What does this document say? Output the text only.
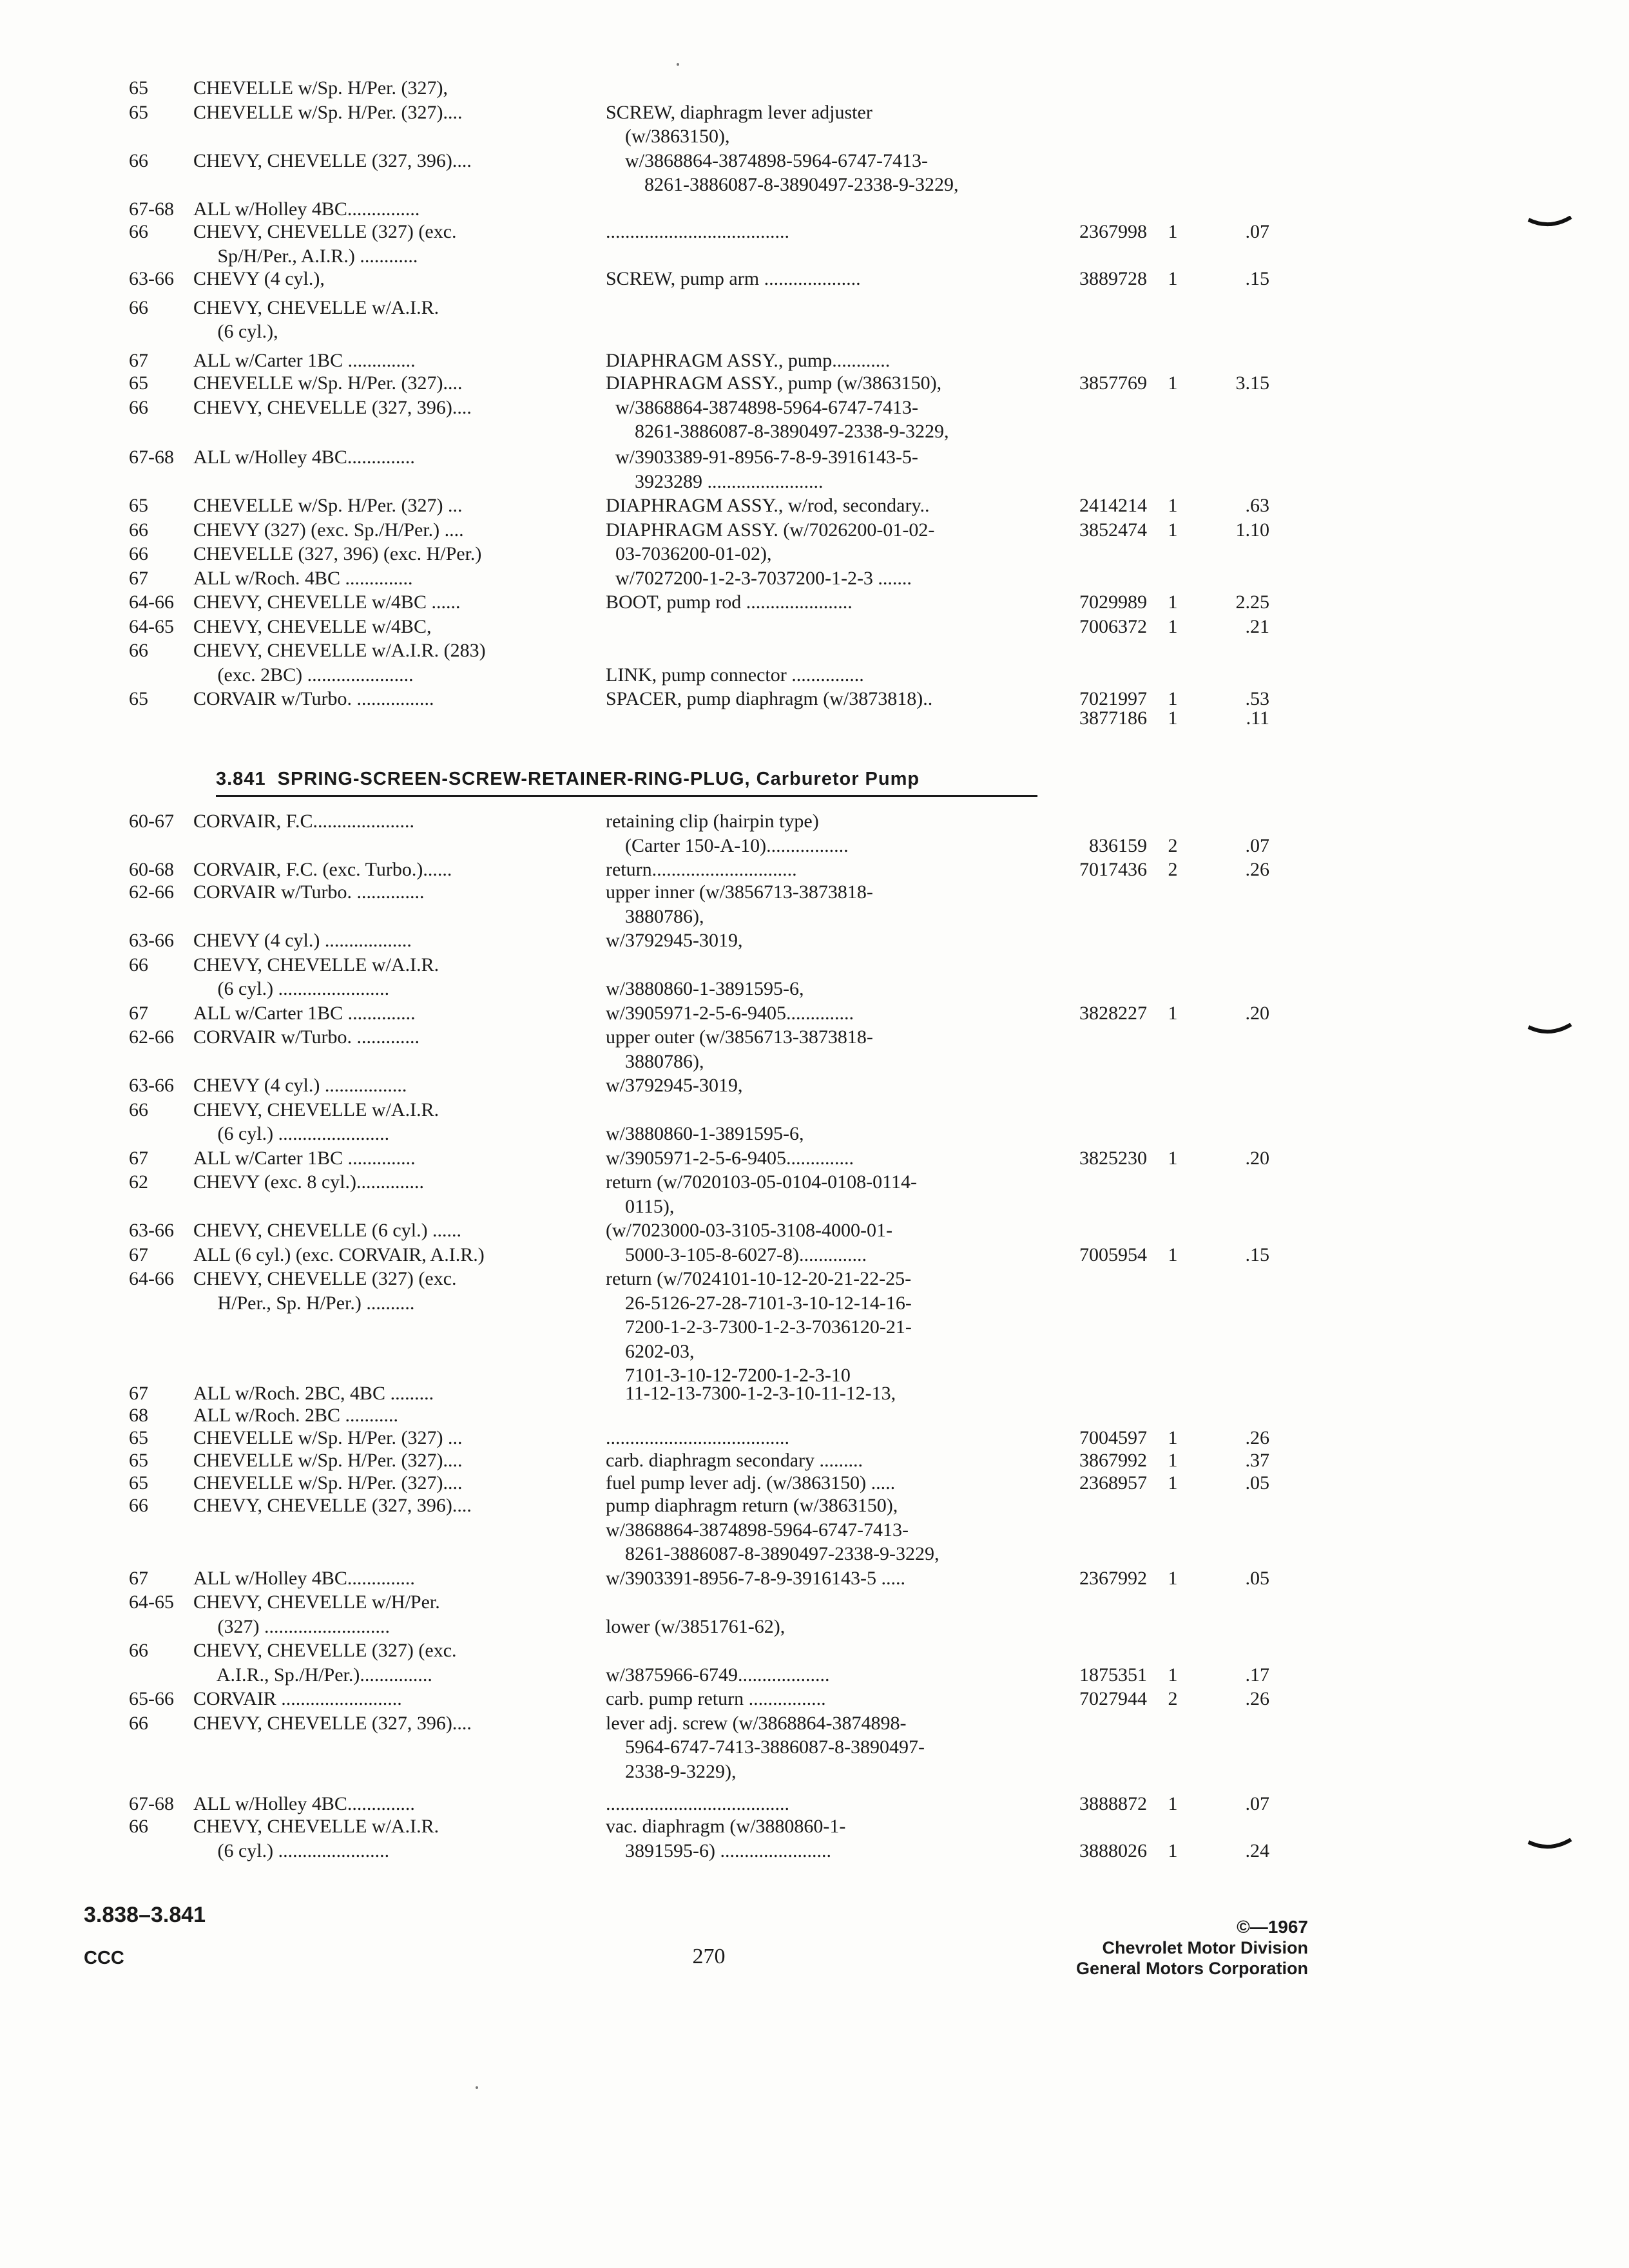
65 CHEVELLE w/Sp. H/Per. (327),
65 CHEVELLE w/Sp. H/Per. (327)....	SCREW, diaphragm lever adjuster
(w/3863150),
66 CHEVY, CHEVELLE (327, 396)....	w/3868864-3874898-5964-6747-7413-
8261-3886087-8-3890497-2338-9-3229,
67-68 ALL w/Holley 4BC...............
66 CHEVY, CHEVELLE (327) (exc.	......................................	2367998	1	.07
Sp/H/Per., A.I.R.) ............
63-66 CHEVY (4 cyl.),	SCREW, pump arm ....................	3889728	1	.15
66 CHEVY, CHEVELLE w/A.I.R.
(6 cyl.),
67 ALL w/Carter 1BC ..............	DIAPHRAGM ASSY., pump............
65 CHEVELLE w/Sp. H/Per. (327)....	DIAPHRAGM ASSY., pump (w/3863150),	3857769	1	3.15
66 CHEVY, CHEVELLE (327, 396)....	w/3868864-3874898-5964-6747-7413-
8261-3886087-8-3890497-2338-9-3229,
67-68 ALL w/Holley 4BC..............	w/3903389-91-8956-7-8-9-3916143-5-
3923289 ........................
65 CHEVELLE w/Sp. H/Per. (327) ...	DIAPHRAGM ASSY., w/rod, secondary..	2414214	1	.63
66 CHEVY (327) (exc. Sp./H/Per.) ....	DIAPHRAGM ASSY. (w/7026200-01-02-	3852474	1	1.10
66 CHEVELLE (327, 396) (exc. H/Per.)	03-7036200-01-02),
67 ALL w/Roch. 4BC ..............	w/7027200-1-2-3-7037200-1-2-3 .......
64-66 CHEVY, CHEVELLE w/4BC ......	BOOT, pump rod ......................	7029989	1	2.25
64-65 CHEVY, CHEVELLE w/4BC,	7006372	1	.21
66 CHEVY, CHEVELLE w/A.I.R. (283)
(exc. 2BC) ......................	LINK, pump connector ...............
65 CORVAIR w/Turbo. ................	SPACER, pump diaphragm (w/3873818)..	7021997	1	.53
3877186	1	.11
3.841  SPRING-SCREEN-SCREW-RETAINER-RING-PLUG, Carburetor Pump
60-67 CORVAIR, F.C.....................	retaining clip (hairpin type)
(Carter 150-A-10).................	836159	2	.07
60-68 CORVAIR, F.C. (exc. Turbo.)......	return..............................	7017436	2	.26
62-66 CORVAIR w/Turbo. ..............	upper inner (w/3856713-3873818-
3880786),
63-66 CHEVY (4 cyl.) ..................	w/3792945-3019,
66 CHEVY, CHEVELLE w/A.I.R.
(6 cyl.) .......................	w/3880860-1-3891595-6,
67 ALL w/Carter 1BC ..............	w/3905971-2-5-6-9405..............	3828227	1	.20
62-66 CORVAIR w/Turbo. .............	upper outer (w/3856713-3873818-
3880786),
63-66 CHEVY (4 cyl.) .................	w/3792945-3019,
66 CHEVY, CHEVELLE w/A.I.R.
(6 cyl.) .......................	w/3880860-1-3891595-6,
67 ALL w/Carter 1BC ..............	w/3905971-2-5-6-9405..............	3825230	1	.20
62 CHEVY (exc. 8 cyl.)..............	return (w/7020103-05-0104-0108-0114-
0115),
63-66 CHEVY, CHEVELLE (6 cyl.) ......	(w/7023000-03-3105-3108-4000-01-
67 ALL (6 cyl.) (exc. CORVAIR, A.I.R.)	5000-3-105-8-6027-8)..............	7005954	1	.15
64-66 CHEVY, CHEVELLE (327) (exc.	return (w/7024101-10-12-20-21-22-25-
H/Per., Sp. H/Per.) ..........	26-5126-27-28-7101-3-10-12-14-16-
7200-1-2-3-7300-1-2-3-7036120-21-
6202-03,
7101-3-10-12-7200-1-2-3-10
67 ALL w/Roch. 2BC, 4BC .........	11-12-13-7300-1-2-3-10-11-12-13,
68 ALL w/Roch. 2BC ...........
65 CHEVELLE w/Sp. H/Per. (327) ...	......................................	7004597	1	.26
65 CHEVELLE w/Sp. H/Per. (327)....	carb. diaphragm secondary .........	3867992	1	.37
65 CHEVELLE w/Sp. H/Per. (327)....	fuel pump lever adj. (w/3863150) .....	2368957	1	.05
66 CHEVY, CHEVELLE (327, 396)....	pump diaphragm return (w/3863150),
w/3868864-3874898-5964-6747-7413-
8261-3886087-8-3890497-2338-9-3229,
67 ALL w/Holley 4BC..............	w/3903391-8956-7-8-9-3916143-5 .....	2367992	1	.05
64-65 CHEVY, CHEVELLE w/H/Per.
(327) ..........................	lower (w/3851761-62),
66 CHEVY, CHEVELLE (327) (exc.
A.I.R., Sp./H/Per.)...............	w/3875966-6749...................	1875351	1	.17
65-66 CORVAIR .........................	carb. pump return ................	7027944	2	.26
66 CHEVY, CHEVELLE (327, 396)....	lever adj. screw (w/3868864-3874898-
5964-6747-7413-3886087-8-3890497-
2338-9-3229),
67-68 ALL w/Holley 4BC..............	......................................	3888872	1	.07
66 CHEVY, CHEVELLE w/A.I.R.	vac. diaphragm (w/3880860-1-
(6 cyl.) .......................	3891595-6) .......................	3888026	1	.24
3.838–3.841
CCC	270
©—1967
Chevrolet Motor Division
General Motors Corporation
